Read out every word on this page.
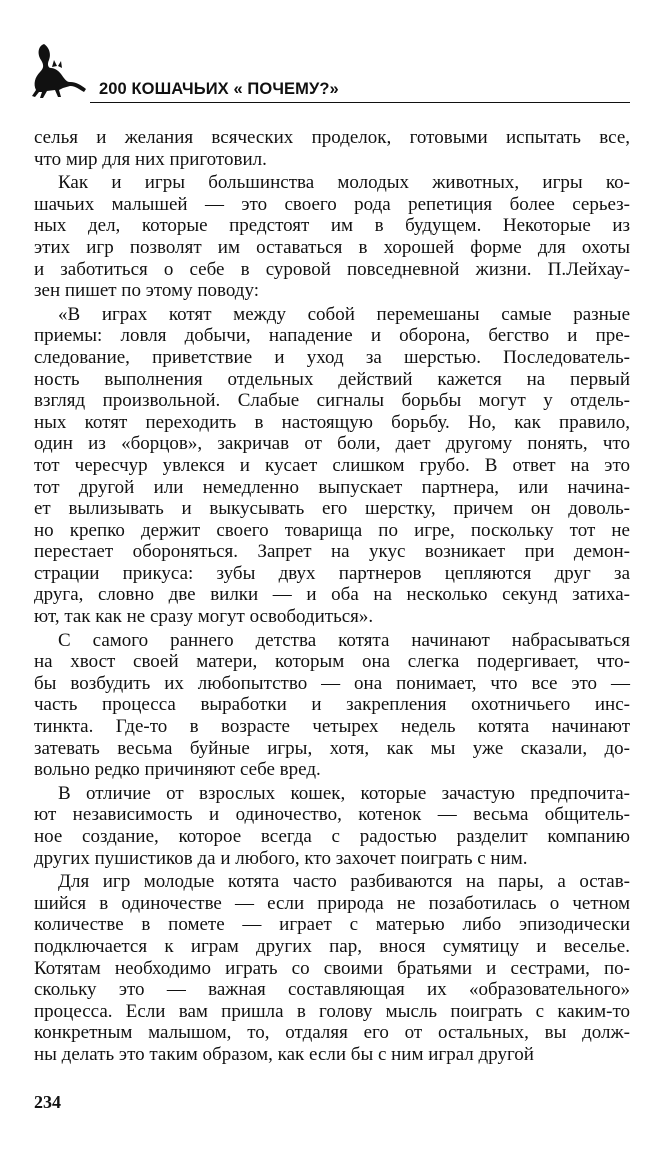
200 КОШАЧЬИХ « ПОЧЕМУ?»
селья и желания всяческих проделок, готовыми испытать все,
что мир для них приготовил.
Как и игры большинства молодых животных, игры ко-
шачьих малышей — это своего рода репетиция более серьез-
ных дел, которые предстоят им в будущем. Некоторые из
этих игр позволят им оставаться в хорошей форме для охоты
и заботиться о себе в суровой повседневной жизни. П.Лейхау-
зен пишет по этому поводу:
«В играх котят между собой перемешаны самые разные
приемы: ловля добычи, нападение и оборона, бегство и пре-
следование, приветствие и уход за шерстью. Последователь-
ность выполнения отдельных действий кажется на первый
взгляд произвольной. Слабые сигналы борьбы могут у отдель-
ных котят переходить в настоящую борьбу. Но, как правило,
один из «борцов», закричав от боли, дает другому понять, что
тот чересчур увлекся и кусает слишком грубо. В ответ на это
тот другой или немедленно выпускает партнера, или начина-
ет вылизывать и выкусывать его шерстку, причем он доволь-
но крепко держит своего товарища по игре, поскольку тот не
перестает обороняться. Запрет на укус возникает при демон-
страции прикуса: зубы двух партнеров цепляются друг за
друга, словно две вилки — и оба на несколько секунд затиха-
ют, так как не сразу могут освободиться».
С самого раннего детства котята начинают набрасываться
на хвост своей матери, которым она слегка подергивает, что-
бы возбудить их любопытство — она понимает, что все это —
часть процесса выработки и закрепления охотничьего инс-
тинкта. Где-то в возрасте четырех недель котята начинают
затевать весьма буйные игры, хотя, как мы уже сказали, до-
вольно редко причиняют себе вред.
В отличие от взрослых кошек, которые зачастую предпочита-
ют независимость и одиночество, котенок — весьма общитель-
ное создание, которое всегда с радостью разделит компанию
других пушистиков да и любого, кто захочет поиграть с ним.
Для игр молодые котята часто разбиваются на пары, а остав-
шийся в одиночестве — если природа не позаботилась о четном
количестве в помете — играет с матерью либо эпизодически
подключается к играм других пар, внося сумятицу и веселье.
Котятам необходимо играть со своими братьями и сестрами, по-
скольку это — важная составляющая их «образовательного»
процесса. Если вам пришла в голову мысль поиграть с каким-то
конкретным малышом, то, отдаляя его от остальных, вы долж-
ны делать это таким образом, как если бы с ним играл другой
234
